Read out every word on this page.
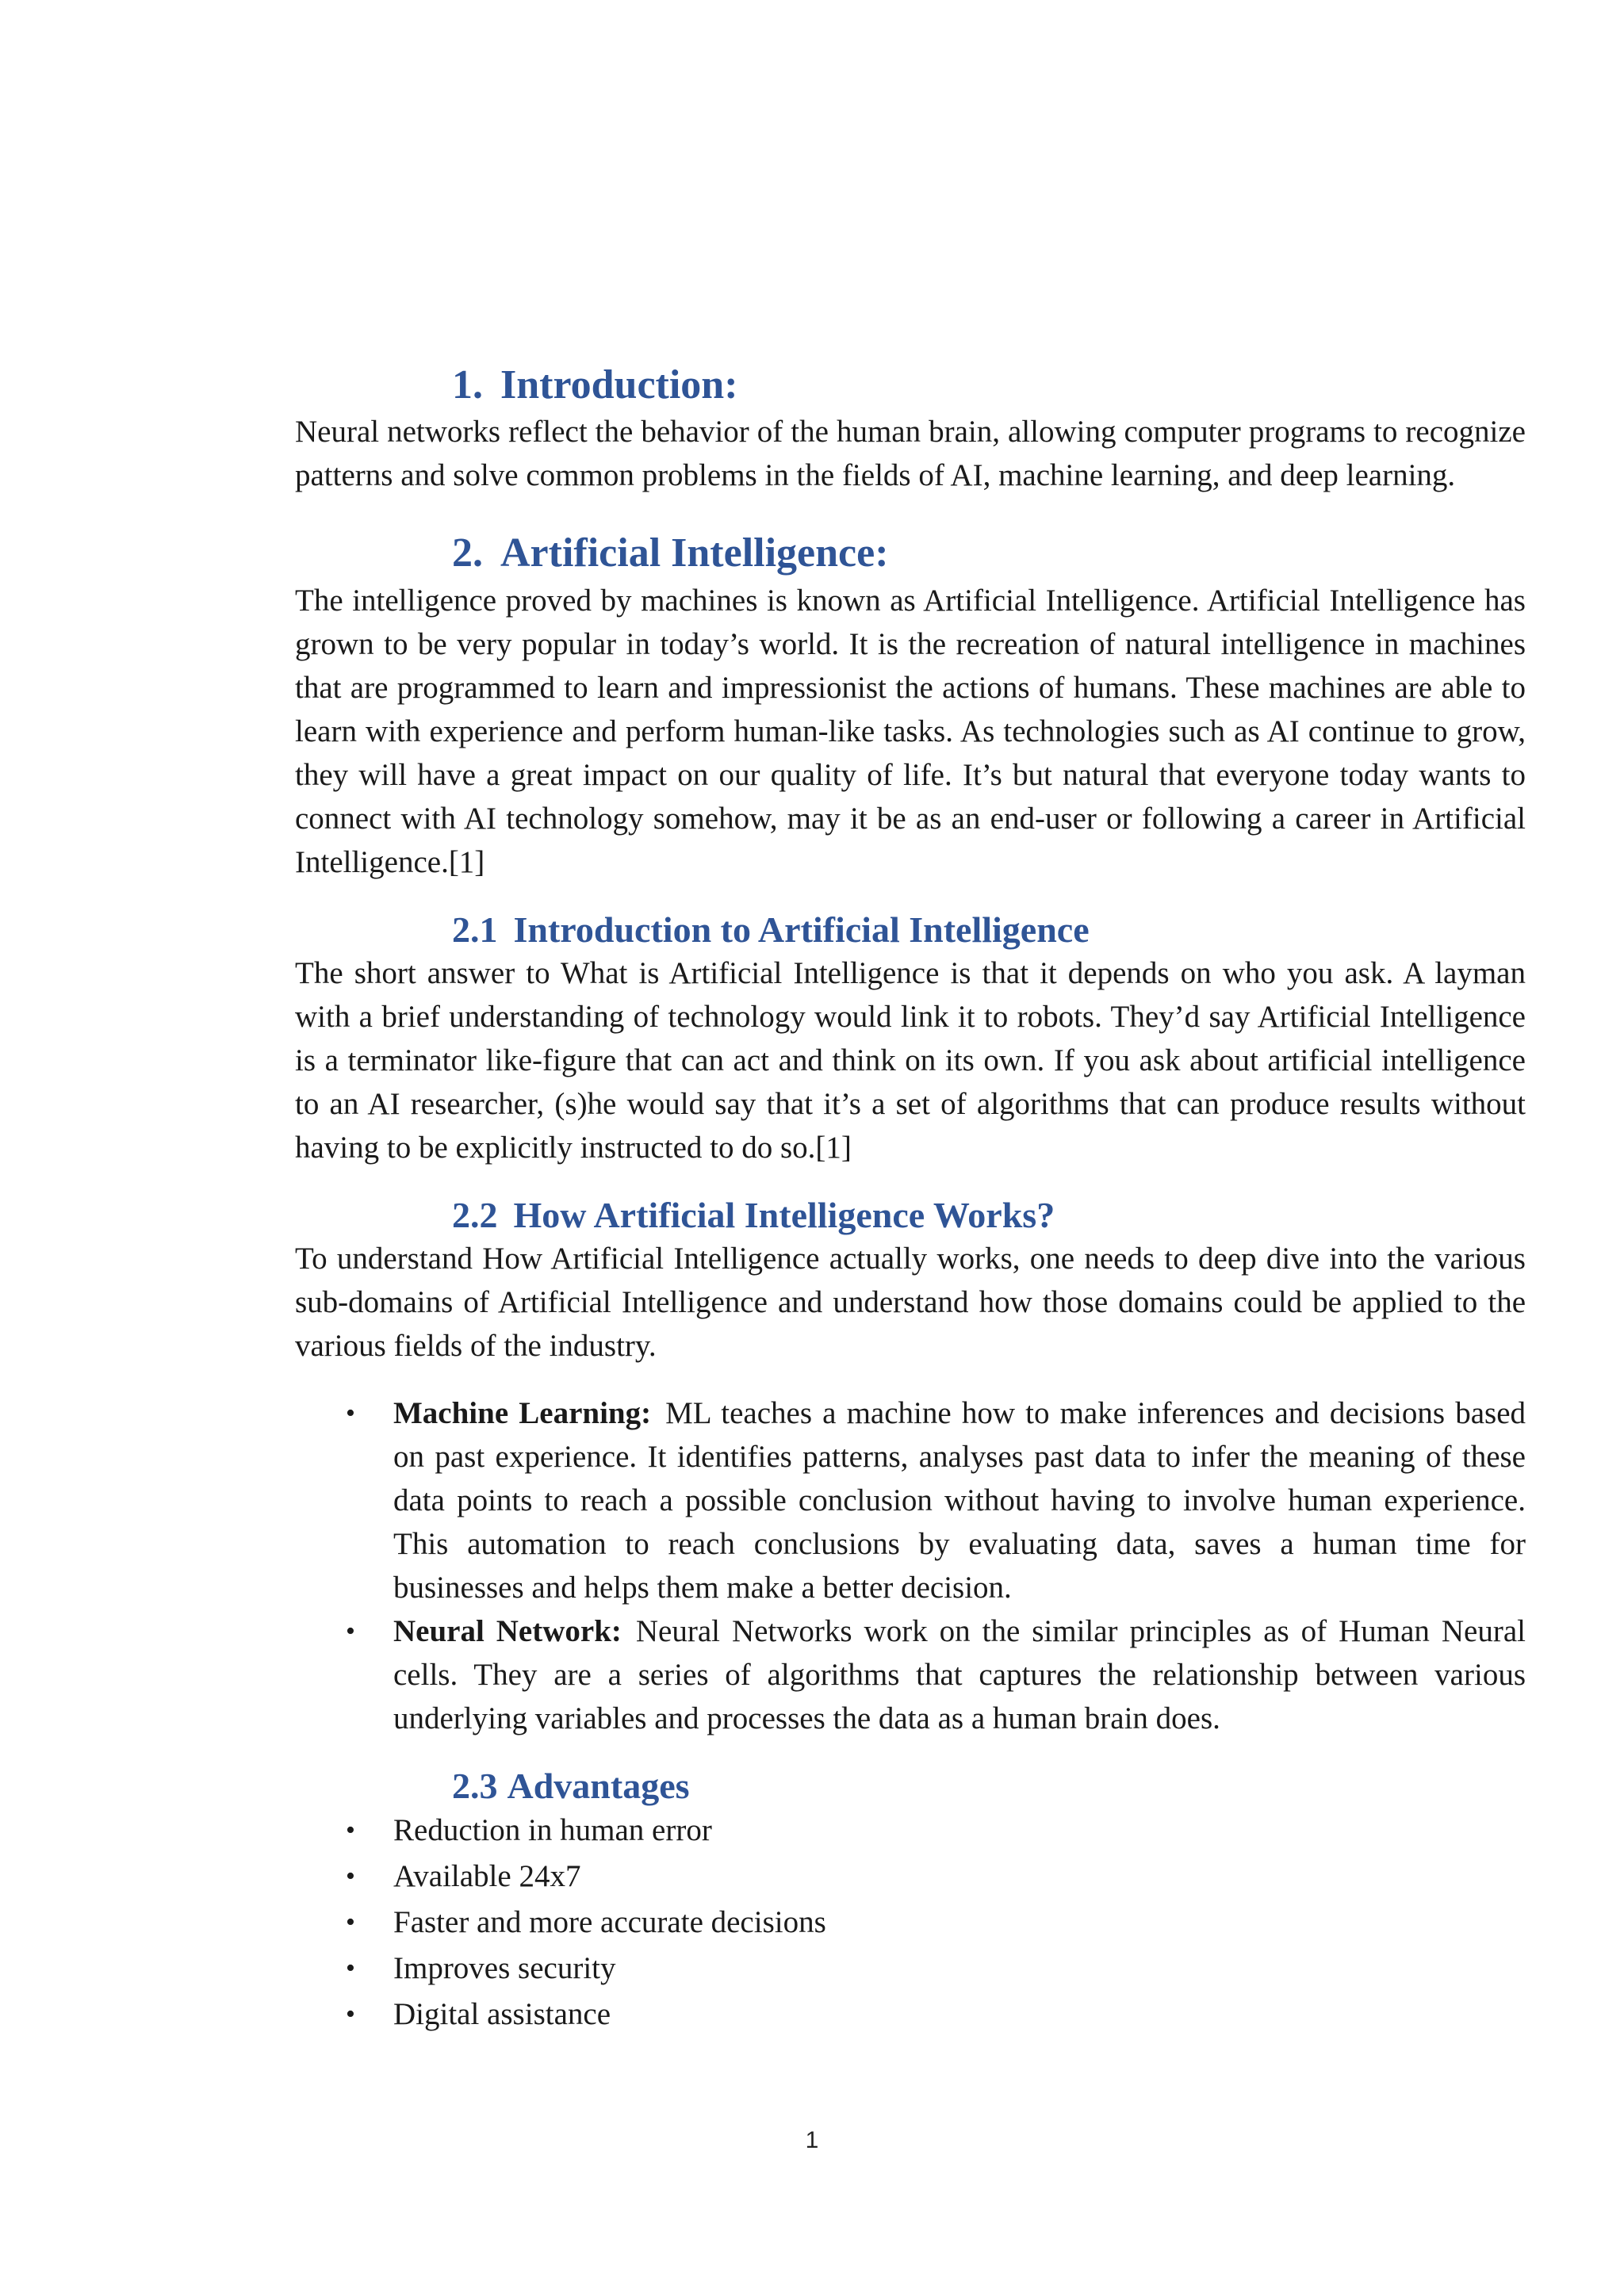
1. Introduction:

Neural networks reflect the behavior of the human brain, allowing computer programs to recognize patterns and solve common problems in the fields of AI, machine learning, and deep learning.

2. Artificial Intelligence:

The intelligence proved by machines is known as Artificial Intelligence. Artificial Intelligence has grown to be very popular in today’s world. It is the recreation of natural intelligence in machines that are programmed to learn and impressionist the actions of humans. These machines are able to learn with experience and perform human-like tasks. As technologies such as AI continue to grow, they will have a great impact on our quality of life. It’s but natural that everyone today wants to connect with AI technology somehow, may it be as an end-user or following a career in Artificial Intelligence.[1]

2.1 Introduction to Artificial Intelligence

The short answer to What is Artificial Intelligence is that it depends on who you ask. A layman with a brief understanding of technology would link it to robots. They’d say Artificial Intelligence is a terminator like-figure that can act and think on its own. If you ask about artificial intelligence to an AI researcher, (s)he would say that it’s a set of algorithms that can produce results without having to be explicitly instructed to do so.[1]

2.2 How Artificial Intelligence Works?

To understand How Artificial Intelligence actually works, one needs to deep dive into the various sub-domains of Artificial Intelligence and understand how those domains could be applied to the various fields of the industry.

• Machine Learning: ML teaches a machine how to make inferences and decisions based on past experience. It identifies patterns, analyses past data to infer the meaning of these data points to reach a possible conclusion without having to involve human experience. This automation to reach conclusions by evaluating data, saves a human time for businesses and helps them make a better decision.
• Neural Network: Neural Networks work on the similar principles as of Human Neural cells. They are a series of algorithms that captures the relationship between various underlying variables and processes the data as a human brain does.
2.3 Advantages
• Reduction in human error
• Available 24x7
• Faster and more accurate decisions
• Improves security
• Digital assistance
1
